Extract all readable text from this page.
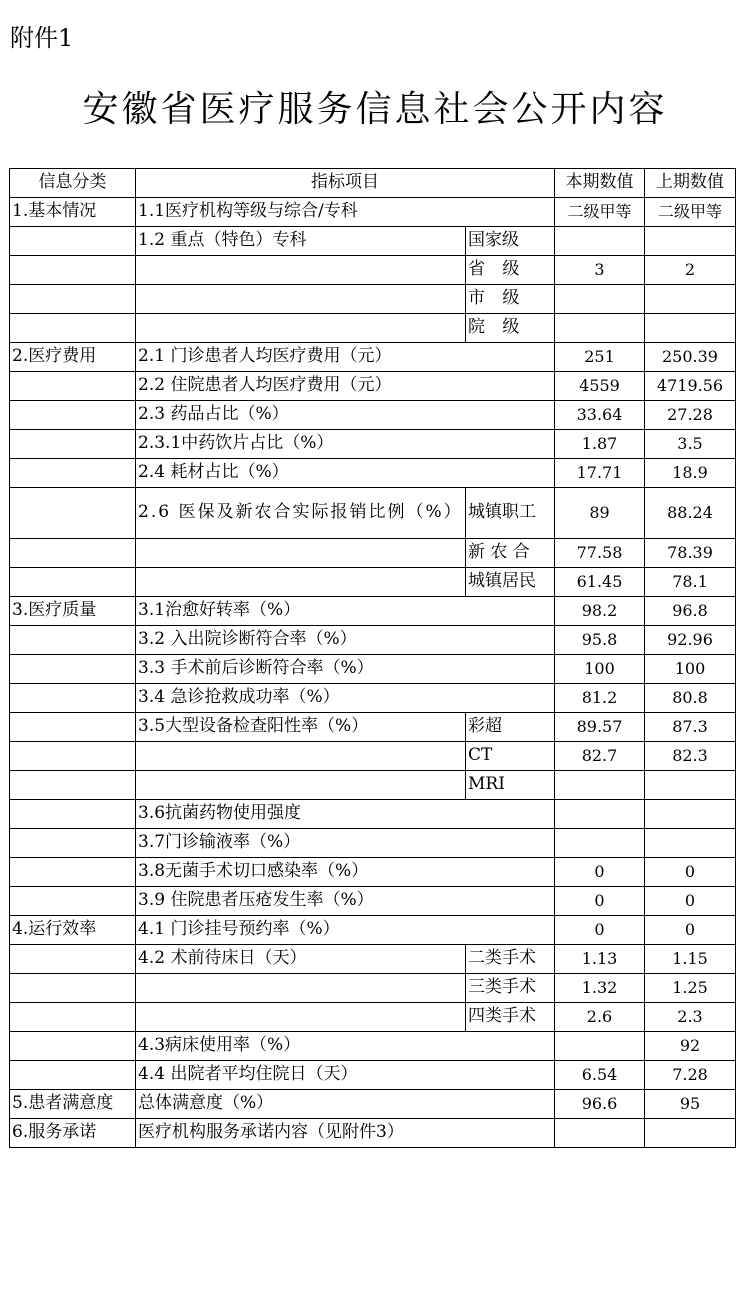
附件1
安徽省医疗服务信息社会公开内容
信息分类	指标项目		本期数值	上期数值
1.基本情况	1.1医疗机构等级与综合/专科		二级甲等	二级甲等
	1.2 重点（特色）专科	国家级		
		省 级	3	2
		市 级		
		院 级		
2.医疗费用	2.1 门诊患者人均医疗费用（元）		251	250.39
	2.2 住院患者人均医疗费用（元）		4559	4719.56
	2.3 药品占比（%）		33.64	27.28
	2.3.1中药饮片占比（%）		1.87	3.5
	2.4 耗材占比（%）		17.71	18.9
	2.6 医保及新农合实际报销比例（%）	城镇职工	89	88.24
		新 农 合	77.58	78.39
		城镇居民	61.45	78.1
3.医疗质量	3.1治愈好转率（%）		98.2	96.8
	3.2 入出院诊断符合率（%）		95.8	92.96
	3.3 手术前后诊断符合率（%）		100	100
	3.4 急诊抢救成功率（%）		81.2	80.8
	3.5大型设备检查阳性率（%）	彩超	89.57	87.3
		CT	82.7	82.3
		MRI		
	3.6抗菌药物使用强度			
	3.7门诊输液率（%）			
	3.8无菌手术切口感染率（%）		0	0
	3.9 住院患者压疮发生率（%）		0	0
4.运行效率	4.1 门诊挂号预约率（%）		0	0
	4.2 术前待床日（天）	二类手术	1.13	1.15
		三类手术	1.32	1.25
		四类手术	2.6	2.3
	4.3病床使用率（%）			92
	4.4 出院者平均住院日（天）		6.54	7.28
5.患者满意度	总体满意度（%）		96.6	95
6.服务承诺	医疗机构服务承诺内容（见附件3）			
